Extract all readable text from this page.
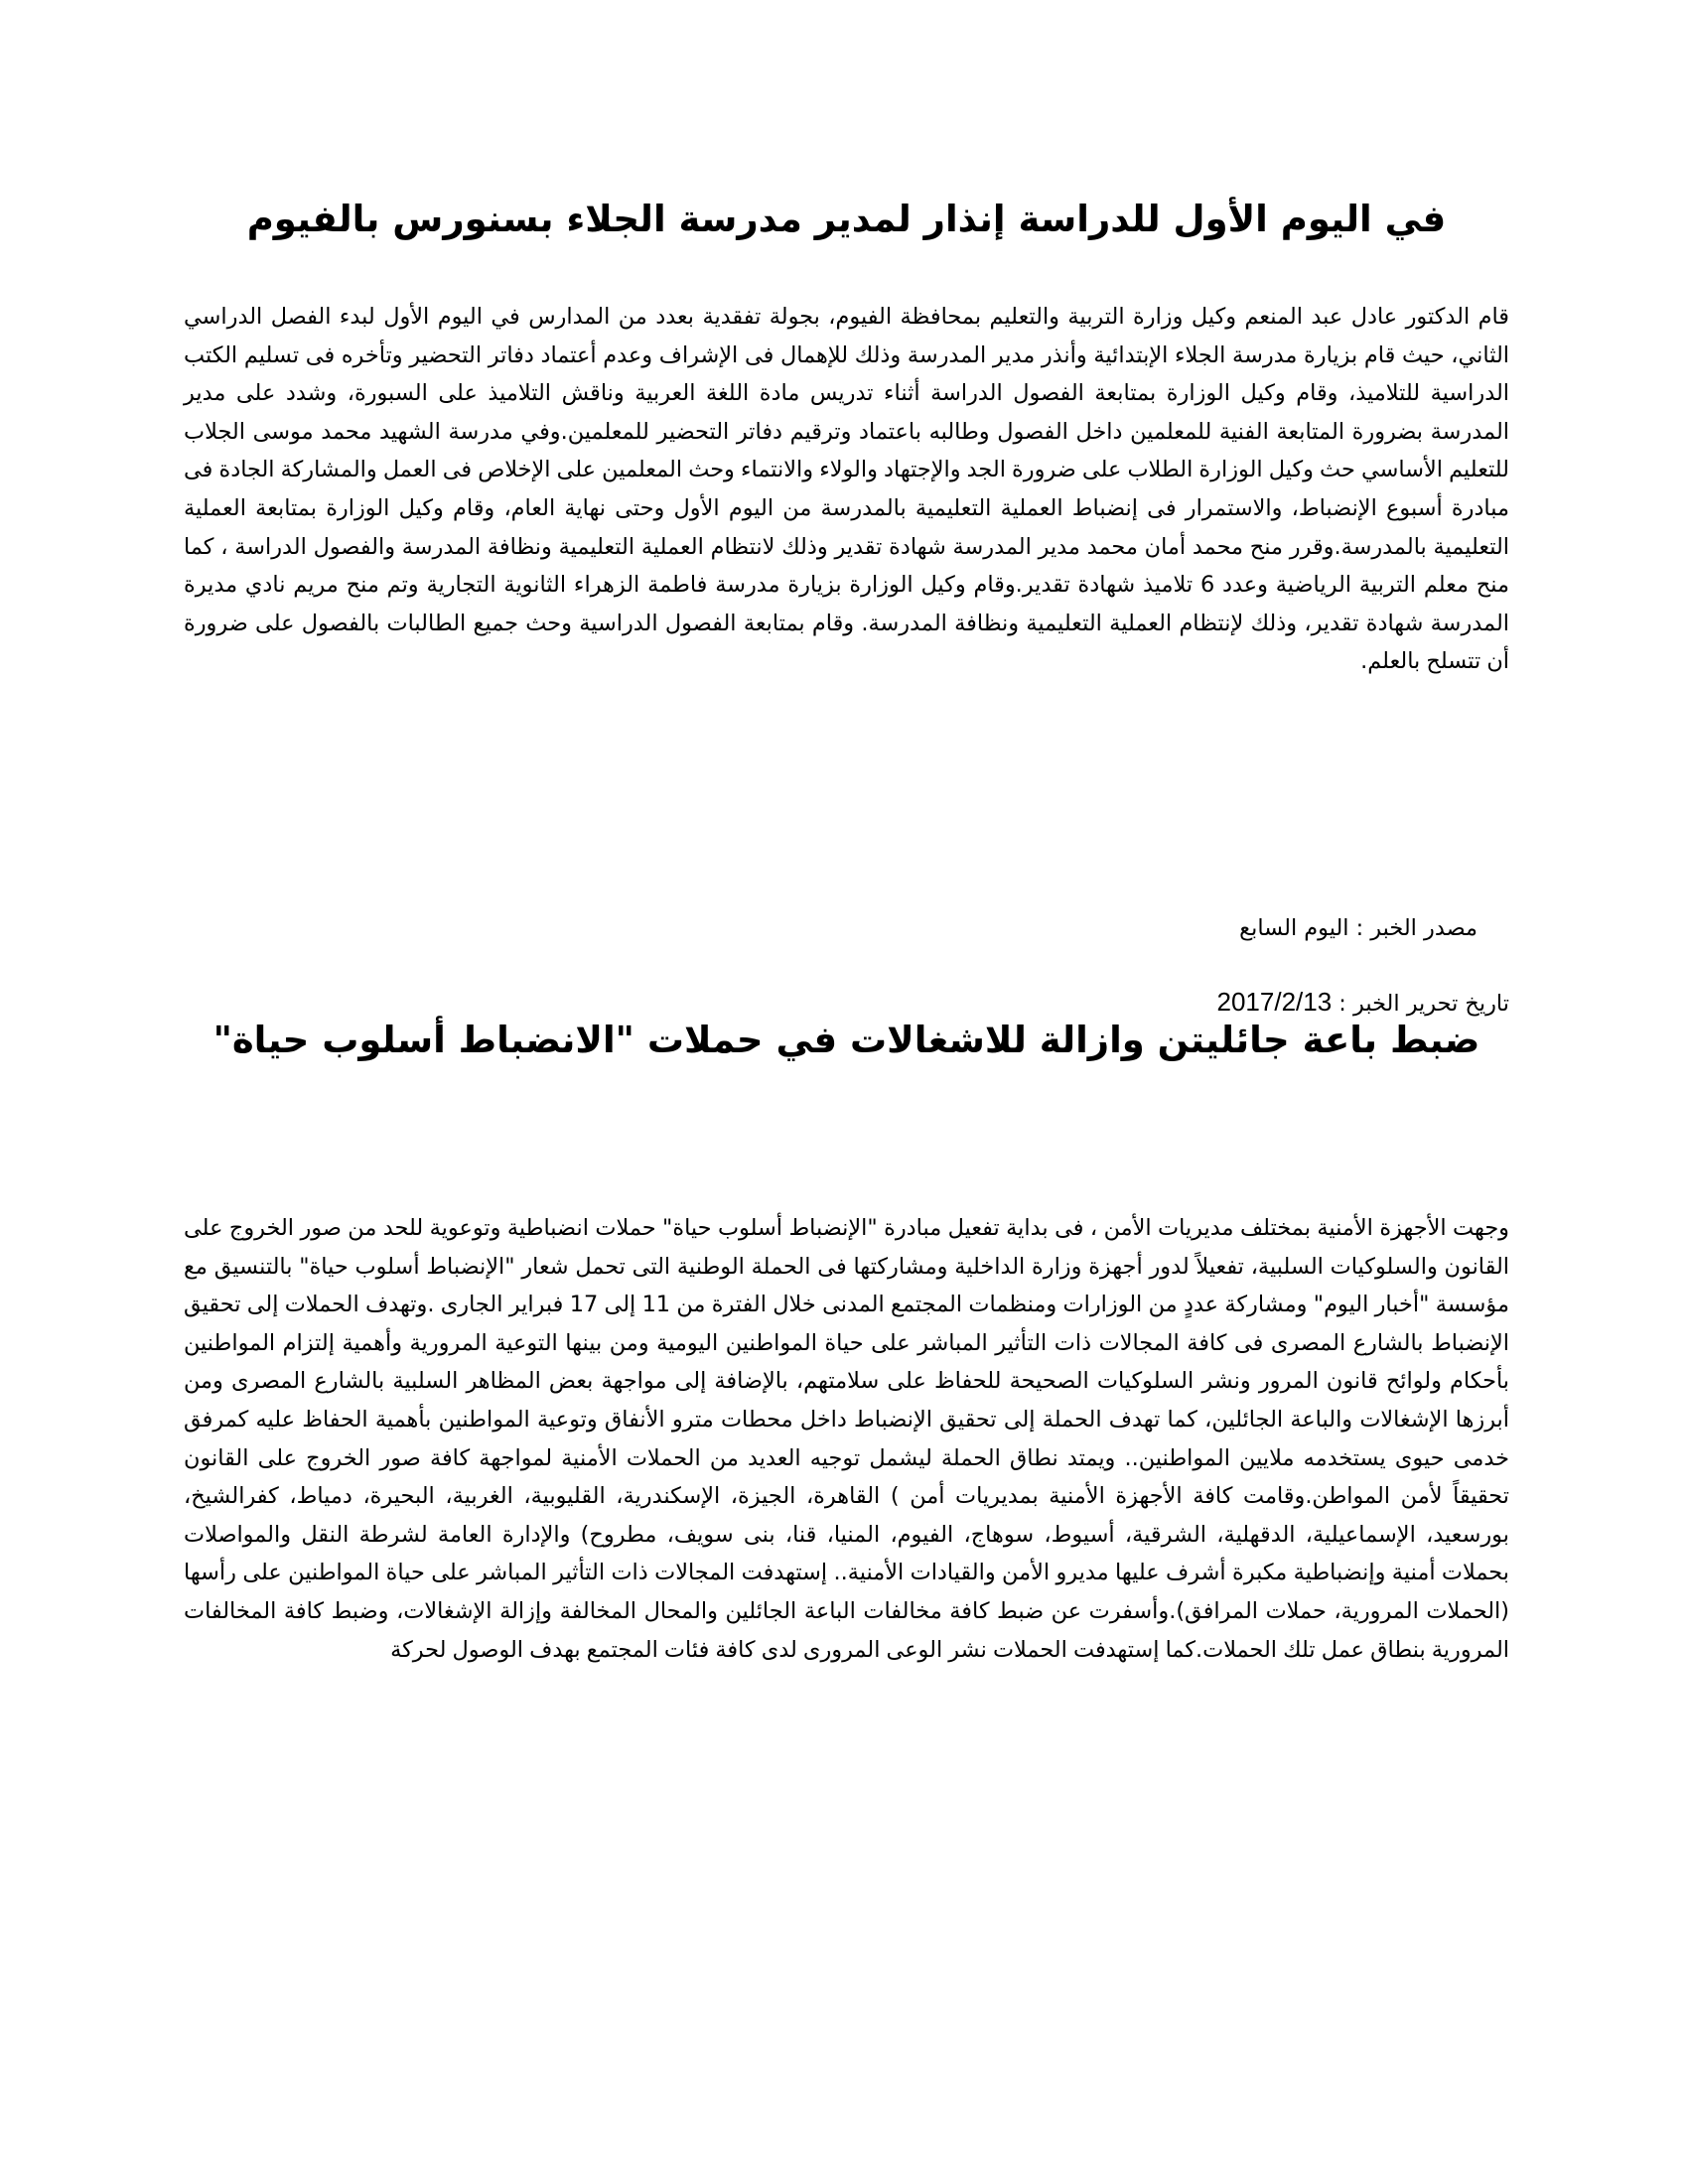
في اليوم الأول للدراسة إنذار لمدير مدرسة الجلاء بسنورس بالفيوم

قام الدكتور عادل عبد المنعم وكيل وزارة التربية والتعليم بمحافظة الفيوم، بجولة تفقدية بعدد من المدارس في اليوم الأول لبدء الفصل الدراسي الثاني، حيث قام بزيارة مدرسة الجلاء الإبتدائية وأنذر مدير المدرسة وذلك للإهمال فى الإشراف وعدم أعتماد دفاتر التحضير وتأخره فى تسليم الكتب الدراسية للتلاميذ، وقام وكيل الوزارة بمتابعة الفصول الدراسة أثناء تدريس مادة اللغة العربية وناقش التلاميذ على السبورة، وشدد على مدير المدرسة بضرورة المتابعة الفنية للمعلمين داخل الفصول وطالبه باعتماد وترقيم دفاتر التحضير للمعلمين.وفي مدرسة الشهيد محمد موسى الجلاب للتعليم الأساسي حث وكيل الوزارة الطلاب على ضرورة الجد والإجتهاد والولاء والانتماء وحث المعلمين على الإخلاص فى العمل والمشاركة الجادة فى مبادرة أسبوع الإنضباط، والاستمرار فى إنضباط العملية التعليمية بالمدرسة من اليوم الأول وحتى نهاية العام، وقام وكيل الوزارة بمتابعة العملية التعليمية بالمدرسة.وقرر منح محمد أمان محمد مدير المدرسة شهادة تقدير وذلك لانتظام العملية التعليمية ونظافة المدرسة والفصول الدراسة ، كما منح معلم التربية الرياضية وعدد 6 تلاميذ شهادة تقدير.وقام وكيل الوزارة بزيارة مدرسة فاطمة الزهراء الثانوية التجارية وتم منح مريم نادي مديرة المدرسة شهادة تقدير، وذلك لإنتظام العملية التعليمية ونظافة المدرسة. وقام بمتابعة الفصول الدراسية وحث جميع الطالبات بالفصول على ضرورة أن تتسلح بالعلم.

مصدر الخبر : اليوم السابع

تاريخ تحرير الخبر : 2017/2/13

ضبط باعة جائليتن وازالة للاشغالات في حملات "الانضباط أسلوب حياة"

وجهت الأجهزة الأمنية بمختلف مديريات الأمن ، فى بداية تفعيل مبادرة "الإنضباط أسلوب حياة" حملات انضباطية وتوعوية للحد من صور الخروج على القانون والسلوكيات السلبية، تفعيلاً لدور أجهزة وزارة الداخلية ومشاركتها فى الحملة الوطنية التى تحمل شعار "الإنضباط أسلوب حياة" بالتنسيق مع مؤسسة "أخبار اليوم" ومشاركة عددٍ من الوزارات ومنظمات المجتمع المدنى خلال الفترة من 11 إلى 17 فبراير الجارى .وتهدف الحملات إلى تحقيق الإنضباط بالشارع المصرى فى كافة المجالات ذات التأثير المباشر على حياة المواطنين اليومية ومن بينها التوعية المرورية وأهمية إلتزام المواطنين بأحكام ولوائح قانون المرور ونشر السلوكيات الصحيحة للحفاظ على سلامتهم، بالإضافة إلى مواجهة بعض المظاهر السلبية بالشارع المصرى ومن أبرزها الإشغالات والباعة الجائلين، كما تهدف الحملة إلى تحقيق الإنضباط داخل محطات مترو الأنفاق وتوعية المواطنين بأهمية الحفاظ عليه كمرفق خدمى حيوى يستخدمه ملايين المواطنين.. ويمتد نطاق الحملة ليشمل توجيه العديد من الحملات الأمنية لمواجهة كافة صور الخروج على القانون تحقيقاً لأمن المواطن.وقامت كافة الأجهزة الأمنية بمديريات أمن ) القاهرة، الجيزة، الإسكندرية، القليوبية، الغربية، البحيرة، دمياط، كفرالشيخ، بورسعيد، الإسماعيلية، الدقهلية، الشرقية، أسيوط، سوهاج، الفيوم، المنيا، قنا، بنى سويف، مطروح) والإدارة العامة لشرطة النقل والمواصلات بحملات أمنية وإنضباطية مكبرة أشرف عليها مديرو الأمن والقيادات الأمنية.. إستهدفت المجالات ذات التأثير المباشر على حياة المواطنين على رأسها (الحملات المرورية، حملات المرافق).وأسفرت عن ضبط كافة مخالفات الباعة الجائلين والمحال المخالفة وإزالة الإشغالات، وضبط كافة المخالفات المرورية بنطاق عمل تلك الحملات.كما إستهدفت الحملات نشر الوعى المرورى لدى كافة فئات المجتمع بهدف الوصول لحركة
